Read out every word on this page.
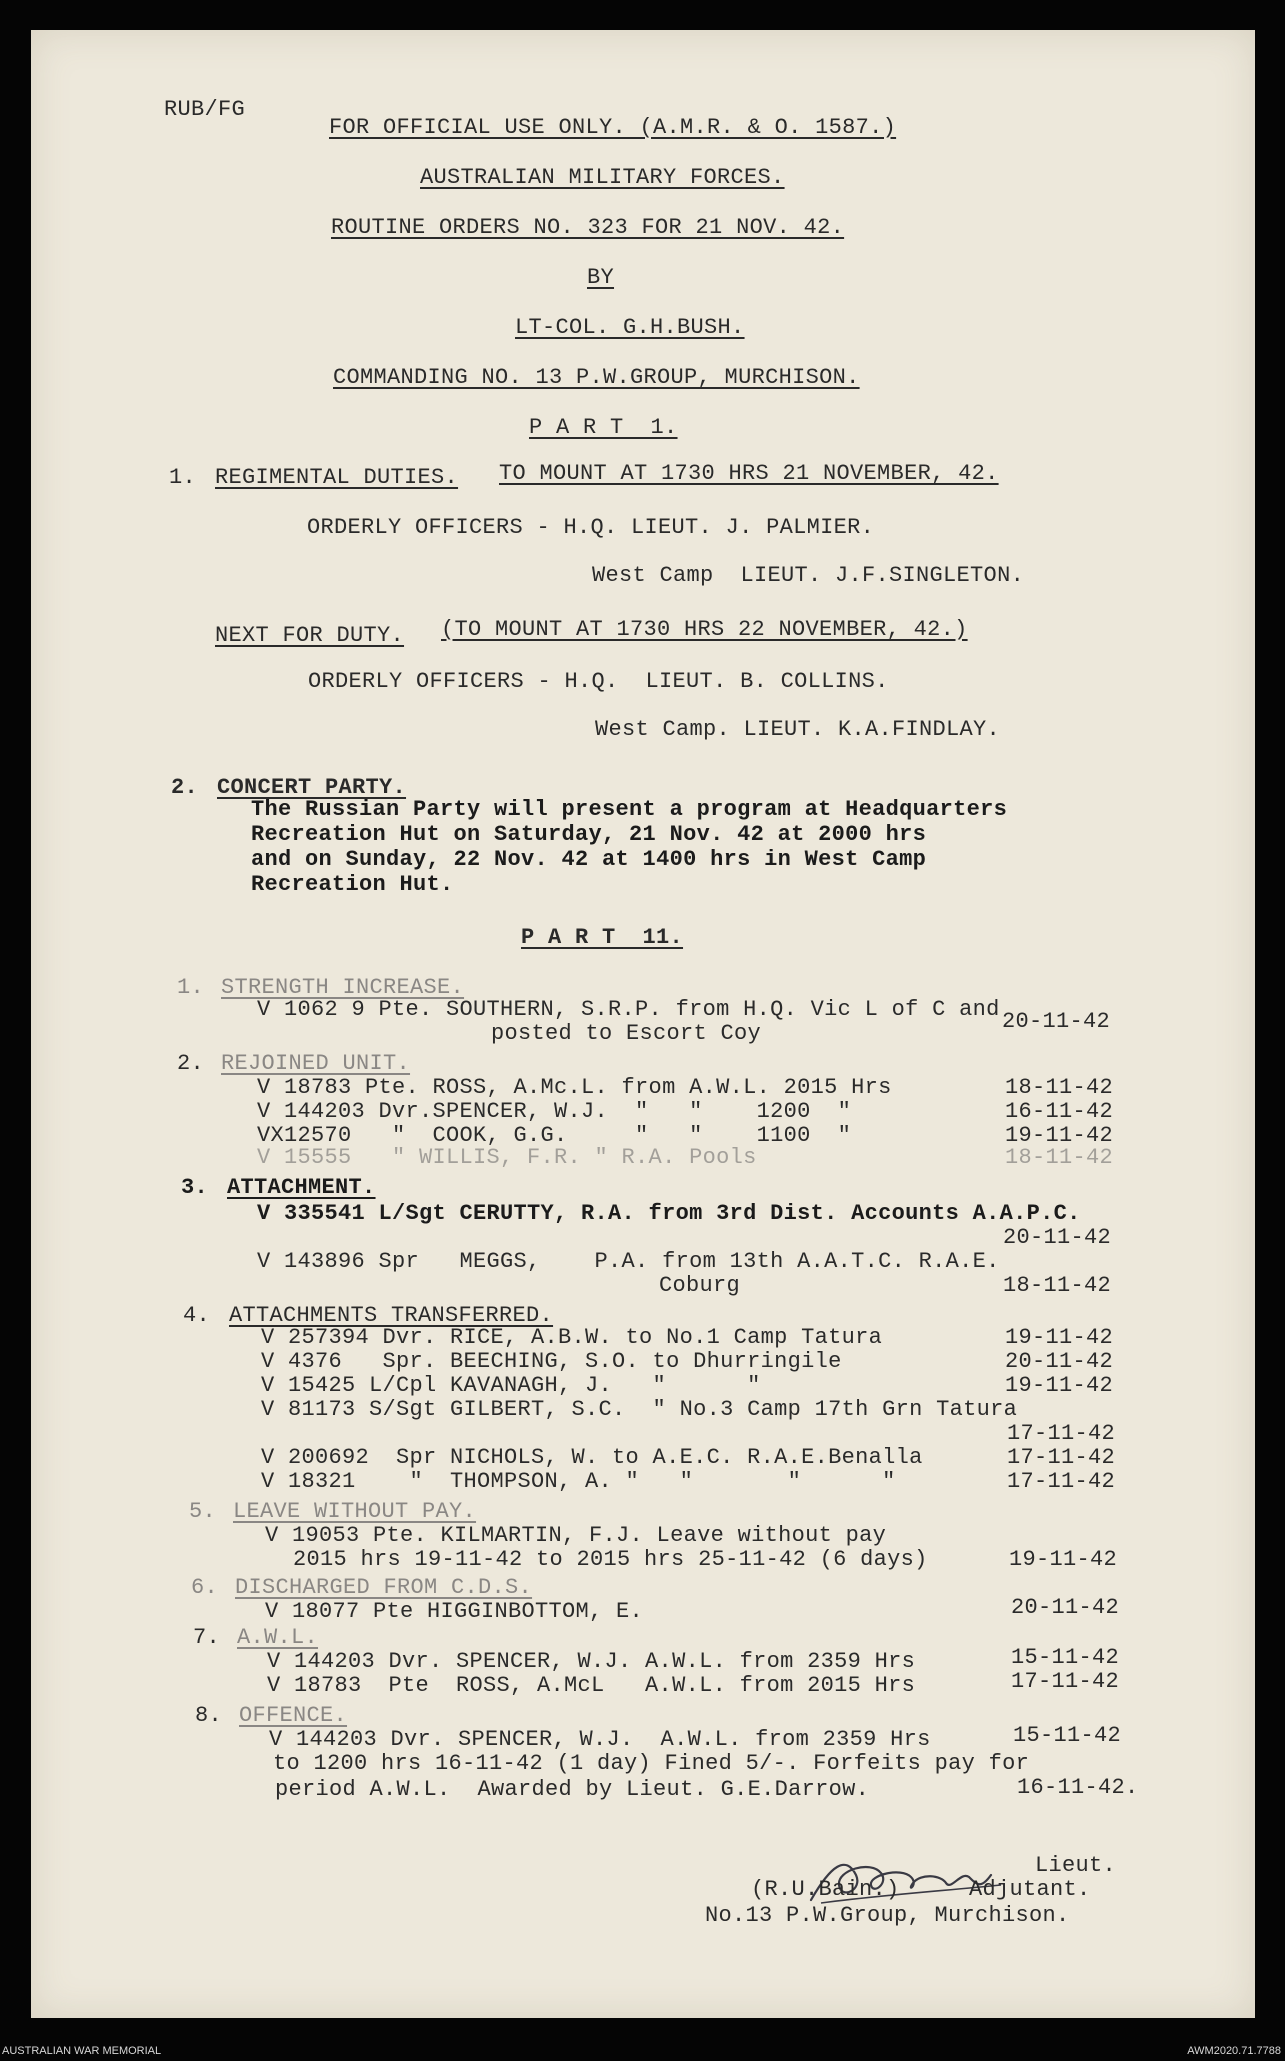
RUB/FG
FOR OFFICIAL USE ONLY. (A.M.R. & O. 1587.)
AUSTRALIAN MILITARY FORCES.
ROUTINE ORDERS NO. 323 FOR 21 NOV. 42.
BY
LT-COL. G.H.BUSH.
COMMANDING NO. 13 P.W.GROUP, MURCHISON.
P A R T  1.
1. REGIMENTAL DUTIES. TO MOUNT AT 1730 HRS 21 NOVEMBER, 42.
ORDERLY OFFICERS - H.Q. LIEUT. J. PALMIER.
West Camp  LIEUT. J.F.SINGLETON.
NEXT FOR DUTY. (TO MOUNT AT 1730 HRS 22 NOVEMBER, 42.)
ORDERLY OFFICERS - H.Q.  LIEUT. B. COLLINS.
West Camp. LIEUT. K.A.FINDLAY.
2. CONCERT PARTY.
The Russian Party will present a program at Headquarters
Recreation Hut on Saturday, 21 Nov. 42 at 2000 hrs
and on Sunday, 22 Nov. 42 at 1400 hrs in West Camp
Recreation Hut.
P A R T  11.
1. STRENGTH INCREASE.
V 1062 9 Pte. SOUTHERN, S.R.P. from H.Q. Vic L of C and
posted to Escort Coy	20-11-42
2. REJOINED UNIT.
V 18783 Pte. ROSS, A.Mc.L. from A.W.L. 2015 Hrs	18-11-42
V 144203 Dvr.SPENCER, W.J.  "   "    1200  "	16-11-42
VX12570   "  COOK, G.G.     "   "    1100  "	19-11-42
V 15555   " WILLIS, F.R. " R.A. Pools	18-11-42
3. ATTACHMENT.
V 335541 L/Sgt CERUTTY, R.A. from 3rd Dist. Accounts A.A.P.C.
20-11-42
V 143896 Spr   MEGGS,    P.A. from 13th A.A.T.C. R.A.E.
Coburg	18-11-42
4. ATTACHMENTS TRANSFERRED.
V 257394 Dvr. RICE, A.B.W. to No.1 Camp Tatura	19-11-42
V 4376   Spr. BEECHING, S.O. to Dhurringile	20-11-42
V 15425 L/Cpl KAVANAGH, J.   "      "	19-11-42
V 81173 S/Sgt GILBERT, S.C.  " No.3 Camp 17th Grn Tatura
17-11-42
V 200692  Spr NICHOLS, W. to A.E.C. R.A.E.Benalla	17-11-42
V 18321    "  THOMPSON, A. "   "       "      "	17-11-42
5. LEAVE WITHOUT PAY.
V 19053 Pte. KILMARTIN, F.J. Leave without pay
2015 hrs 19-11-42 to 2015 hrs 25-11-42 (6 days)	19-11-42
6. DISCHARGED FROM C.D.S.
V 18077 Pte HIGGINBOTTOM, E.	20-11-42
7. A.W.L.
V 144203 Dvr. SPENCER, W.J. A.W.L. from 2359 Hrs	15-11-42
V 18783  Pte  ROSS, A.McL   A.W.L. from 2015 Hrs	17-11-42
8. OFFENCE.
V 144203 Dvr. SPENCER, W.J.  A.W.L. from 2359 Hrs	15-11-42
to 1200 hrs 16-11-42 (1 day) Fined 5/-. Forfeits pay for
period A.W.L.  Awarded by Lieut. G.E.Darrow.	16-11-42.
Lieut.
(R.U.Bain.)	Adjutant.
No.13 P.W.Group, Murchison.
AUSTRALIAN WAR MEMORIAL	AWM2020.71.7788
